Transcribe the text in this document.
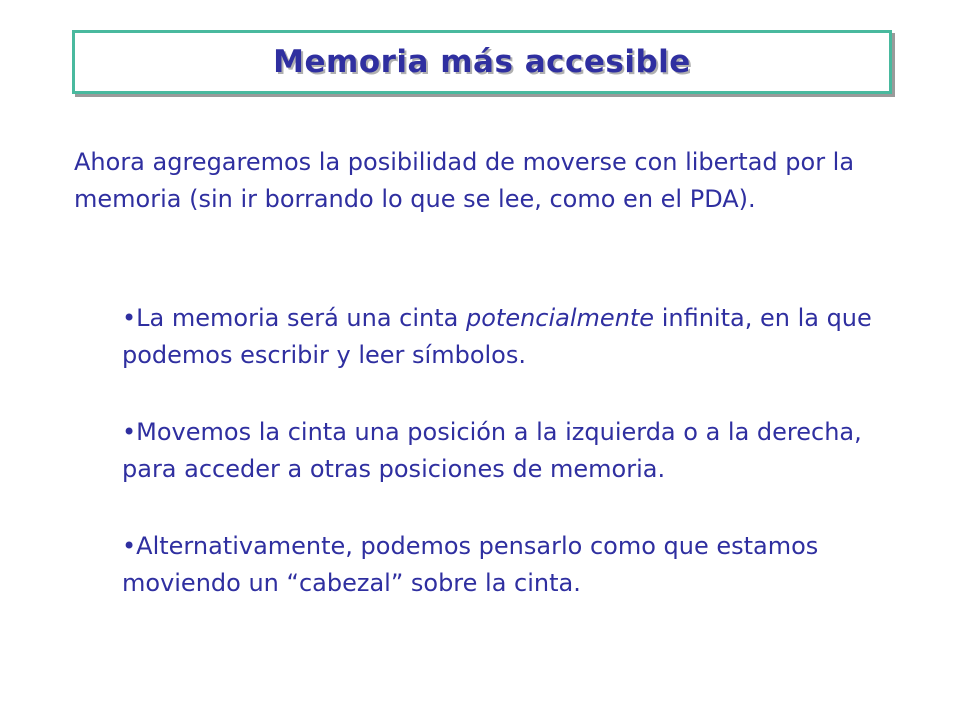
Memoria más accesible

Ahora agregaremos la posibilidad de moverse con libertad por la memoria (sin ir borrando lo que se lee, como en el PDA).

•La memoria será una cinta potencialmente infinita, en la que podemos escribir y leer símbolos.
•Movemos la cinta una posición a la izquierda o a la derecha, para acceder a otras posiciones de memoria.
•Alternativamente, podemos pensarlo como que estamos moviendo un “cabezal” sobre la cinta.
